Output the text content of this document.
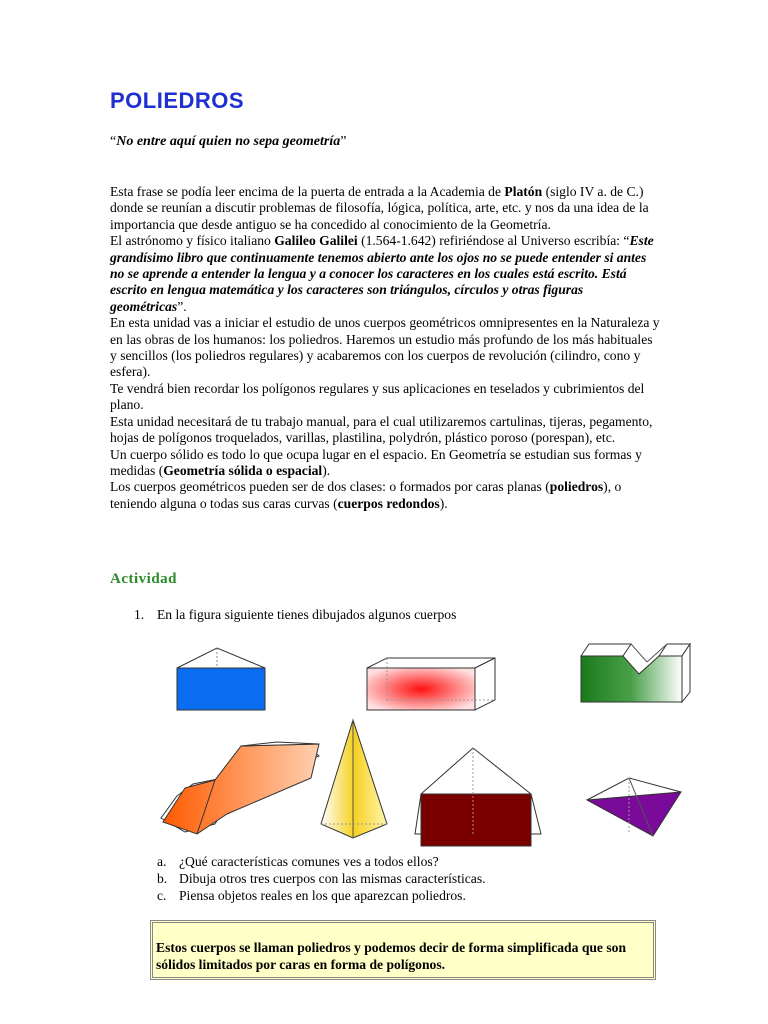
POLIEDROS
“No entre aquí quien no sepa geometría”

Esta frase se podía leer encima de la puerta de entrada a la Academia de Platón (siglo IV a. de C.) donde se reunían a discutir problemas de filosofía, lógica, política, arte, etc. y nos da una idea de la importancia que desde antiguo se ha concedido al conocimiento de la Geometría.

El astrónomo y físico italiano Galileo Galilei (1.564-1.642) refiriéndose al Universo escribía: “Este grandísimo libro que continuamente tenemos abierto ante los ojos no se puede entender si antes no se aprende a entender la lengua y a conocer los caracteres en los cuales está escrito. Está escrito en lengua matemática y los caracteres son triángulos, círculos y otras figuras geométricas”.

En esta unidad vas a iniciar el estudio de unos cuerpos geométricos omnipresentes en la Naturaleza y en las obras de los humanos: los poliedros. Haremos un estudio más profundo de los más habituales y sencillos (los poliedros regulares) y acabaremos con los cuerpos de revolución (cilindro, cono y esfera).

Te vendrá bien recordar los polígonos regulares y sus aplicaciones en teselados y cubrimientos del plano.

Esta unidad necesitará de tu trabajo manual, para el cual utilizaremos cartulinas, tijeras, pegamento, hojas de polígonos troquelados, varillas, plastilina, polydrón, plástico poroso (porespan), etc.

Un cuerpo sólido es todo lo que ocupa lugar en el espacio. En Geometría se estudian sus formas y medidas (Geometría sólida o espacial).

Los cuerpos geométricos pueden ser de dos clases: o formados por caras planas (poliedros), o teniendo alguna o todas sus caras curvas (cuerpos redondos).

Actividad
1. En la figura siguiente tienes dibujados algunos cuerpos
a. ¿Qué características comunes ves a todos ellos?
b. Dibuja otros tres cuerpos con las mismas características.
c. Piensa objetos reales en los que aparezcan poliedros.

Estos cuerpos se llaman poliedros y podemos decir de forma simplificada que son sólidos limitados por caras en forma de polígonos.
